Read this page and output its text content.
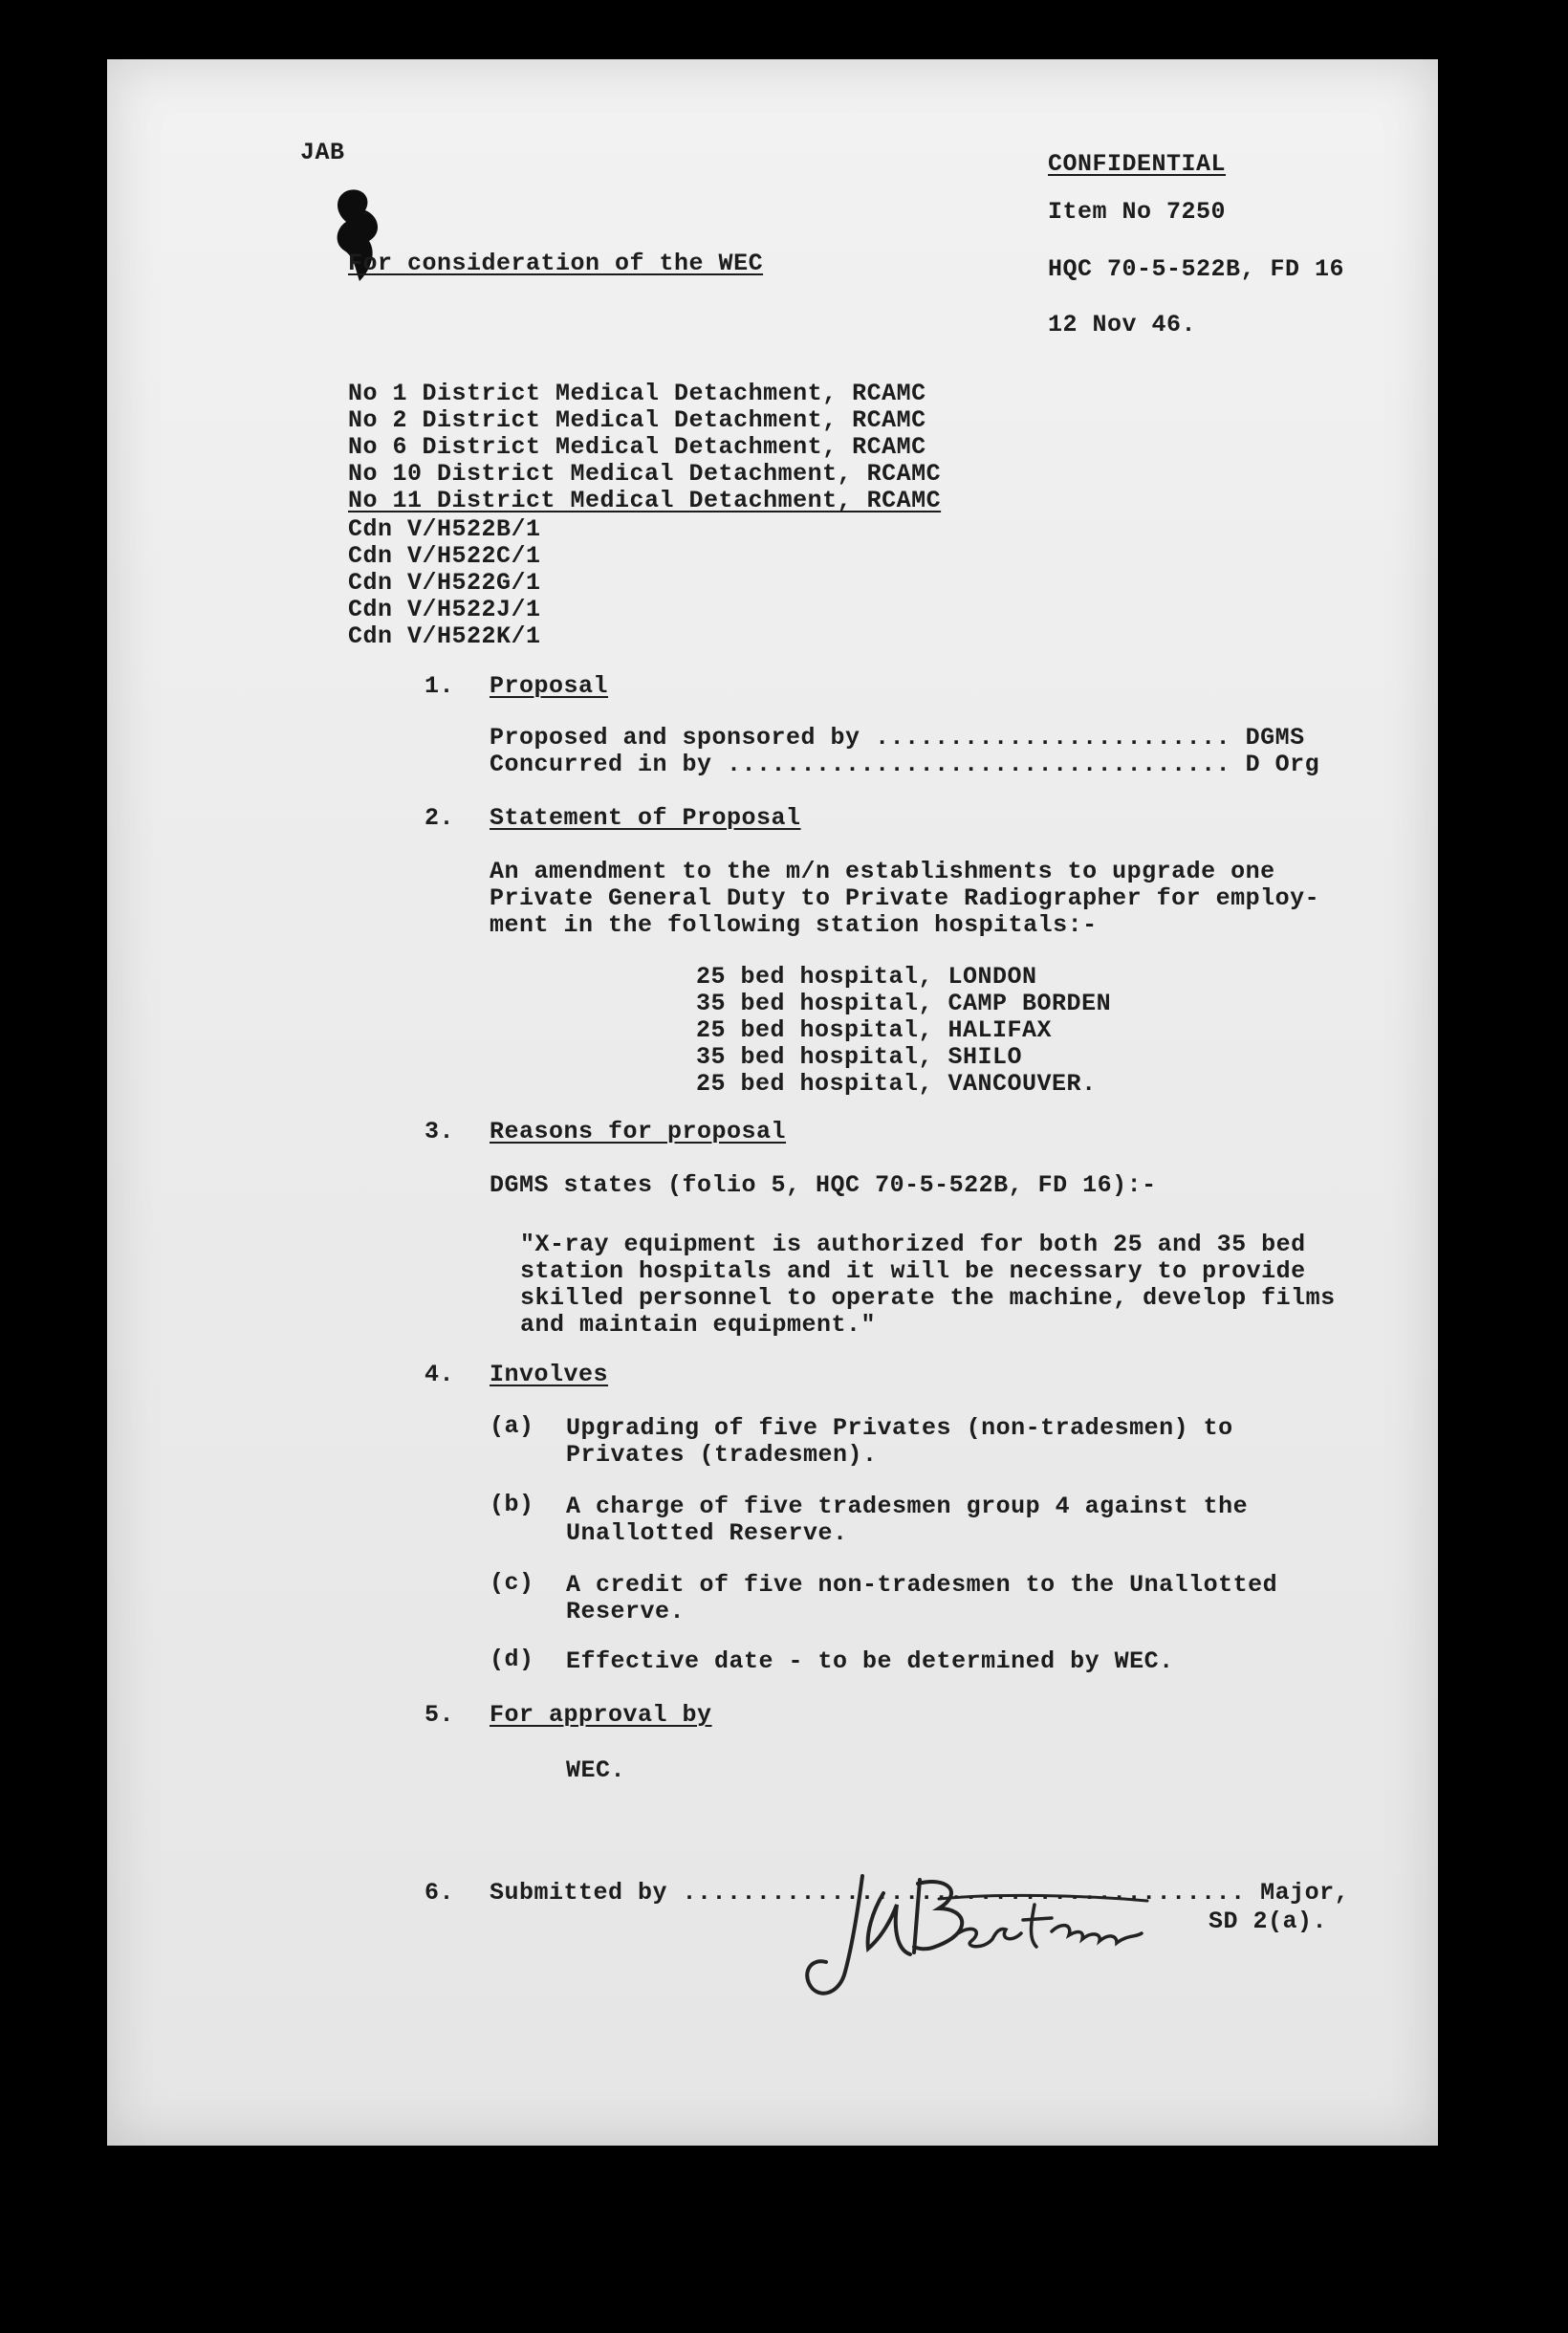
JAB	CONFIDENTIAL
Item No 7250
HQC 70-5-522B, FD 16
12 Nov 46.
For consideration of the WEC
No 1 District Medical Detachment, RCAMC
No 2 District Medical Detachment, RCAMC
No 6 District Medical Detachment, RCAMC
No 10 District Medical Detachment, RCAMC
No 11 District Medical Detachment, RCAMC
Cdn V/H522B/1
Cdn V/H522C/1
Cdn V/H522G/1
Cdn V/H522J/1
Cdn V/H522K/1
1. Proposal
Proposed and sponsored by ........................ DGMS
Concurred in by .................................. D Org
2. Statement of Proposal
An amendment to the m/n establishments to upgrade one
Private General Duty to Private Radiographer for employ-
ment in the following station hospitals:-
25 bed hospital, LONDON
35 bed hospital, CAMP BORDEN
25 bed hospital, HALIFAX
35 bed hospital, SHILO
25 bed hospital, VANCOUVER.
3. Reasons for proposal
DGMS states (folio 5, HQC 70-5-522B, FD 16):-
"X-ray equipment is authorized for both 25 and 35 bed
station hospitals and it will be necessary to provide
skilled personnel to operate the machine, develop films
and maintain equipment."
4. Involves
(a) Upgrading of five Privates (non-tradesmen) to
Privates (tradesmen).
(b) A charge of five tradesmen group 4 against the
Unallotted Reserve.
(c) A credit of five non-tradesmen to the Unallotted
Reserve.
(d) Effective date - to be determined by WEC.
5. For approval by
WEC.
6. Submitted by ...................................... Major,
SD 2(a).
